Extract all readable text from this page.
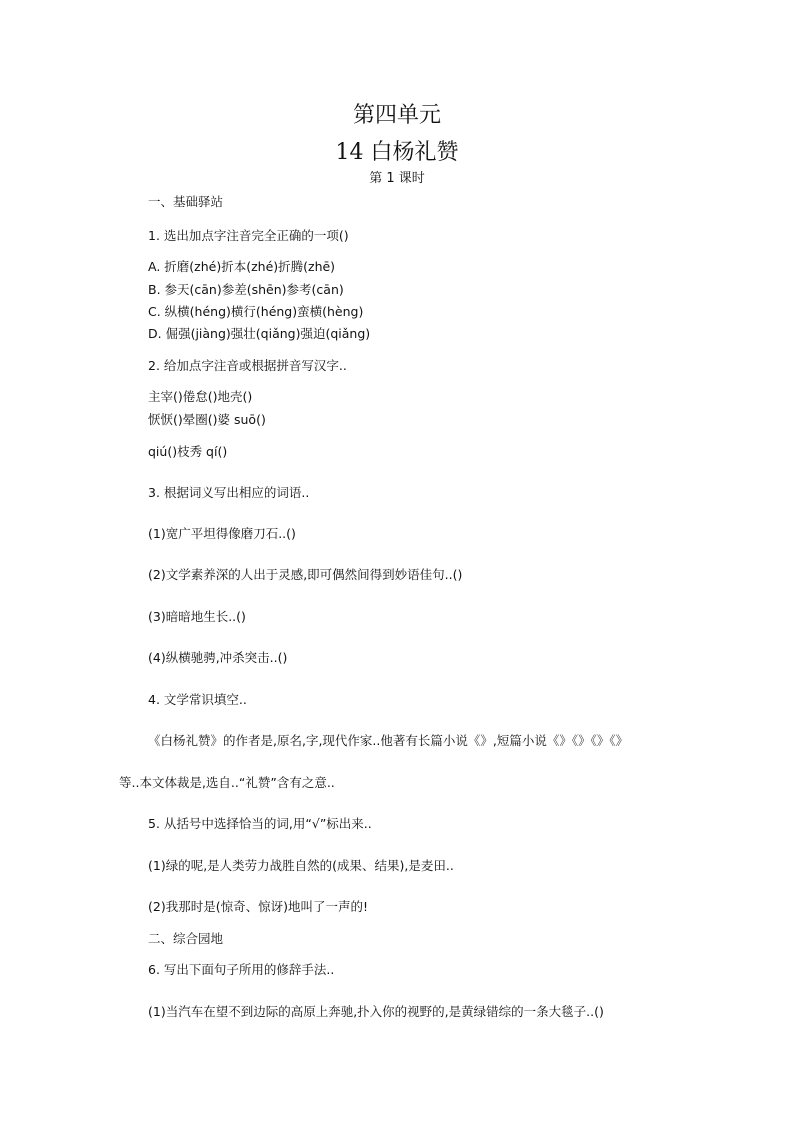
第四单元
14 白杨礼赞
第 1 课时
一、基础驿站
1. 选出加点字注音完全正确的一项()
A. 折磨(zhé)折本(zhé)折腾(zhē)
B. 参天(cān)参差(shēn)参考(cān)
C. 纵横(héng)横行(héng)蛮横(hèng)
D. 倔强(jiàng)强壮(qiǎng)强迫(qiǎng)
2. 给加点字注音或根据拼音写汉字..
主宰()倦怠()地壳()
恹恹()晕圈()婆 suō()
qiú()枝秀 qí()
3. 根据词义写出相应的词语..
(1)宽广平坦得像磨刀石..()
(2)文学素养深的人出于灵感,即可偶然间得到妙语佳句..()
(3)暗暗地生长..()
(4)纵横驰骋,冲杀突击..()
4. 文学常识填空..
《白杨礼赞》的作者是,原名,字,现代作家..他著有长篇小说《》,短篇小说《》《》《》《》
等..本文体裁是,选自..“礼赞”含有之意..
5. 从括号中选择恰当的词,用“√”标出来..
(1)绿的呢,是人类劳力战胜自然的(成果、结果),是麦田..
(2)我那时是(惊奇、惊讶)地叫了一声的!
二、综合园地
6. 写出下面句子所用的修辞手法..
(1)当汽车在望不到边际的高原上奔驰,扑入你的视野的,是黄绿错综的一条大毯子..()
